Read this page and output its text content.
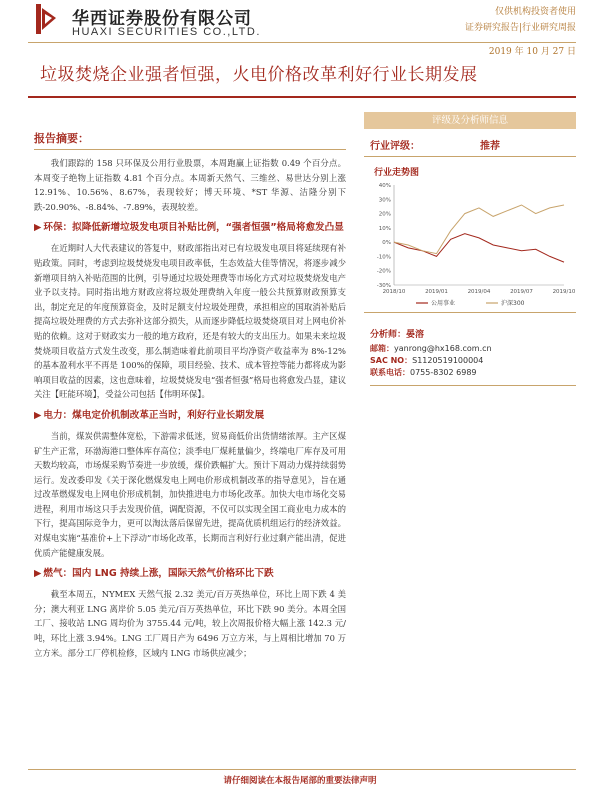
华西证券股份有限公司
HUAXI SECURITIES CO.,LTD.
仅供机构投资者使用
证券研究报告|行业研究周报
2019 年 10 月 27 日
垃圾焚烧企业强者恒强，火电价格改革利好行业长期发展
报告摘要：

我们跟踪的 158 只环保及公用行业股票，本周跑赢上证指数 0.49 个百分点。本周变子绝物上证指数 4.81 个百分点。本周新天然气、三维丝、易世达分别上涨 12.91%、10.56%、8.67%，表现较好；博天环境、*ST 华源、洁隆分别下跌-20.90%、-8.84%、-7.89%，表现较差。

▶ 环保：拟降低新增垃圾发电项目补贴比例，“强者恒强”格局将愈发凸显

在近期时人大代表建议的答复中，财政部指出对已有垃圾发电项目将延续现有补贴政策。同时，考虑到垃圾焚烧发电项目政率低，生态效益大佳等情况，将逐步减少新增项目纳入补贴范围的比例，引导通过垃圾处理费等市场化方式对垃圾焚烧发电产业予以支持。同时指出地方财政应将垃圾处理费纳入年度一般公共预算财政预算支出，制定充足的年度预算资金，及时足额支付垃圾处理费，承担相应的国取消补贴后提高垃圾处理费的方式去弥补这部分损失，从而逐步降低垃圾焚烧项目对上网电价补贴的依赖。这对于财政实力一般的地方政府，还是有较大的支出压力。如果未来垃圾焚烧项目收益方式发生改变，那么制造味着此前项目平均净资产收益率为 8%-12%的基本盈利水平不再是 100%的保障，项目经验、技术、成本管控等能力都将成为影响项目收益的因素，这也意味着，垃圾焚烧发电“强者恒强”格局也将愈发凸显，建议关注【旺能环境】，受益公司包括【伟明环保】。

▶ 电力：煤电定价机制改革正当时，利好行业长期发展

当前，煤炭供需整体宽松，下游需求低迷，贸易商低价出货情绪浓厚。主产区煤矿生产正常，环渤海港口整体库存高位；淡季电厂煤耗量偏少，终端电厂库存及可用天数均较高，市场煤采购节奏进一步放缓，煤价跌幅扩大。预计下周动力煤持续弱势运行。发改委印发《关于深化燃煤发电上网电价形成机制改革的指导意见》，旨在通过改革燃煤发电上网电价形成机制，加快推进电力市场化改革。加快大电市场化交易进程，利用市场这只手去发现价值，调配资源，不仅可以实现全国工商业电力成本的下行，提高国际竞争力，更可以淘汰落后保留先进，提高优质机组运行的经济效益。对煤电实施“基准价+上下浮动”市场化改革，长期而言利好行业过剩产能出清，促进优质产能健康发展。

▶ 燃气：国内 LNG 持续上涨，国际天然气价格环比下跌

截至本周五，NYMEX 天然气报 2.32 美元/百万英热单位，环比上周下跌 4 美分；澳大利亚 LNG 离岸价 5.05 美元/百万英热单位，环比下跌 90 美分。本周全国工厂、接收站 LNG 周均价为 3755.44 元/吨，较上次周报价格大幅上涨 142.3 元/吨，环比上涨 3.94%。LNG 工厂周日产为 6496 万立方米，与上周相比增加 70 万立方米。部分工厂停机检修，区域内 LNG 市场供应减少；

评级及分析师信息
行业评级：	推荐
行业走势图
40%
30%
20%
10%
0%
-10%
-20%
-30%
2018/10	2019/01	2019/04	2019/07	2019/10
公用事业	沪深300
分析师：晏溶
邮箱：yanrong@hx168.com.cn
SAC NO：S1120519100004
联系电话：0755-8302 6989
请仔细阅读在本报告尾部的重要法律声明
